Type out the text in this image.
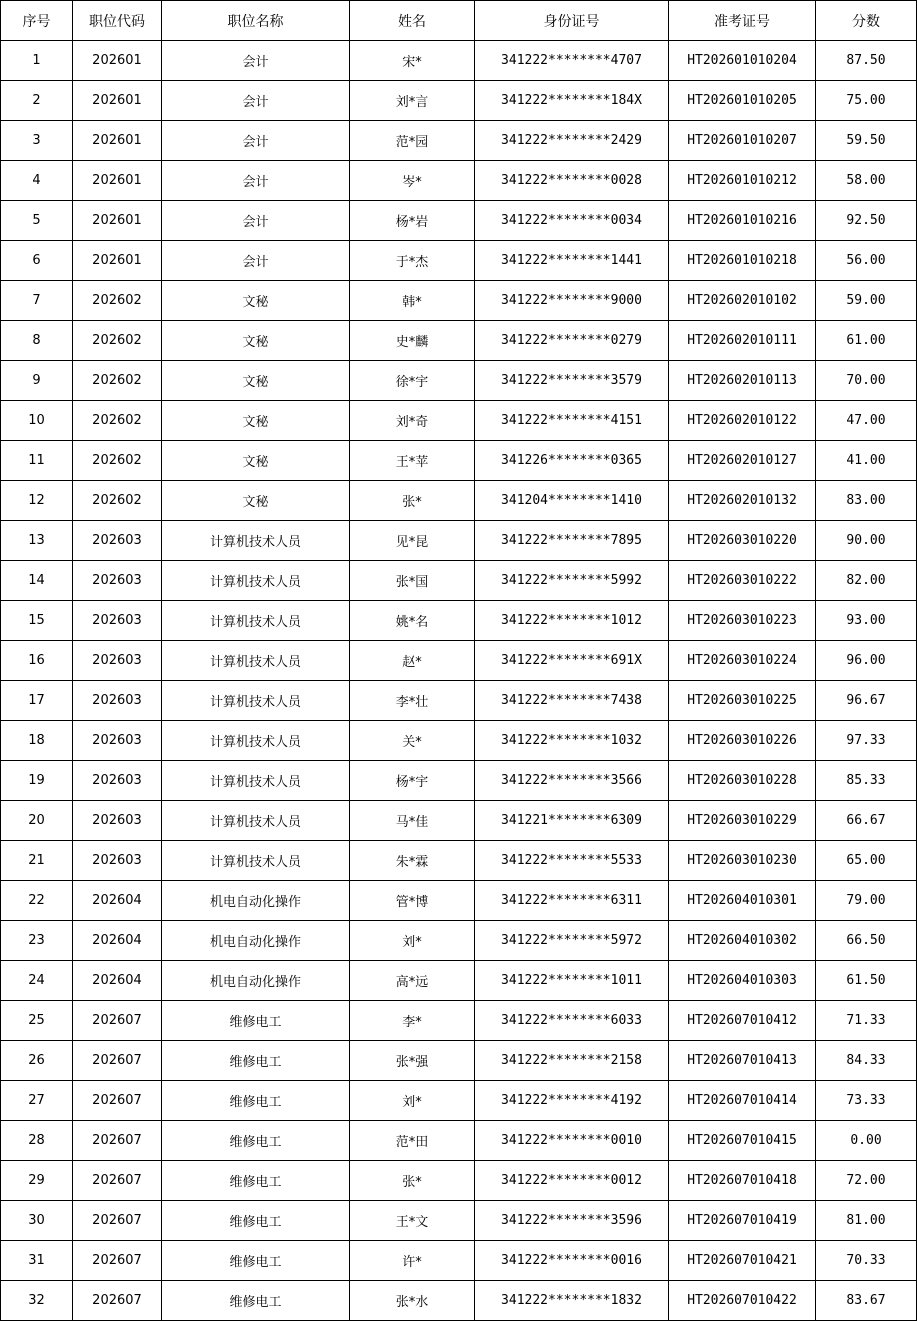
序号	职位代码	职位名称	姓名	身份证号	准考证号	分数
1	202601	会计	宋*	341222********4707	HT202601010204	87.50
2	202601	会计	刘*言	341222********184X	HT202601010205	75.00
3	202601	会计	范*园	341222********2429	HT202601010207	59.50
4	202601	会计	岑*	341222********0028	HT202601010212	58.00
5	202601	会计	杨*岩	341222********0034	HT202601010216	92.50
6	202601	会计	于*杰	341222********1441	HT202601010218	56.00
7	202602	文秘	韩*	341222********9000	HT202602010102	59.00
8	202602	文秘	史*麟	341222********0279	HT202602010111	61.00
9	202602	文秘	徐*宇	341222********3579	HT202602010113	70.00
10	202602	文秘	刘*奇	341222********4151	HT202602010122	47.00
11	202602	文秘	王*苹	341226********0365	HT202602010127	41.00
12	202602	文秘	张*	341204********1410	HT202602010132	83.00
13	202603	计算机技术人员	见*昆	341222********7895	HT202603010220	90.00
14	202603	计算机技术人员	张*国	341222********5992	HT202603010222	82.00
15	202603	计算机技术人员	姚*名	341222********1012	HT202603010223	93.00
16	202603	计算机技术人员	赵*	341222********691X	HT202603010224	96.00
17	202603	计算机技术人员	李*壮	341222********7438	HT202603010225	96.67
18	202603	计算机技术人员	关*	341222********1032	HT202603010226	97.33
19	202603	计算机技术人员	杨*宇	341222********3566	HT202603010228	85.33
20	202603	计算机技术人员	马*佳	341221********6309	HT202603010229	66.67
21	202603	计算机技术人员	朱*霖	341222********5533	HT202603010230	65.00
22	202604	机电自动化操作	管*博	341222********6311	HT202604010301	79.00
23	202604	机电自动化操作	刘*	341222********5972	HT202604010302	66.50
24	202604	机电自动化操作	高*远	341222********1011	HT202604010303	61.50
25	202607	维修电工	李*	341222********6033	HT202607010412	71.33
26	202607	维修电工	张*强	341222********2158	HT202607010413	84.33
27	202607	维修电工	刘*	341222********4192	HT202607010414	73.33
28	202607	维修电工	范*田	341222********0010	HT202607010415	0.00
29	202607	维修电工	张*	341222********0012	HT202607010418	72.00
30	202607	维修电工	王*文	341222********3596	HT202607010419	81.00
31	202607	维修电工	许*	341222********0016	HT202607010421	70.33
32	202607	维修电工	张*水	341222********1832	HT202607010422	83.67
